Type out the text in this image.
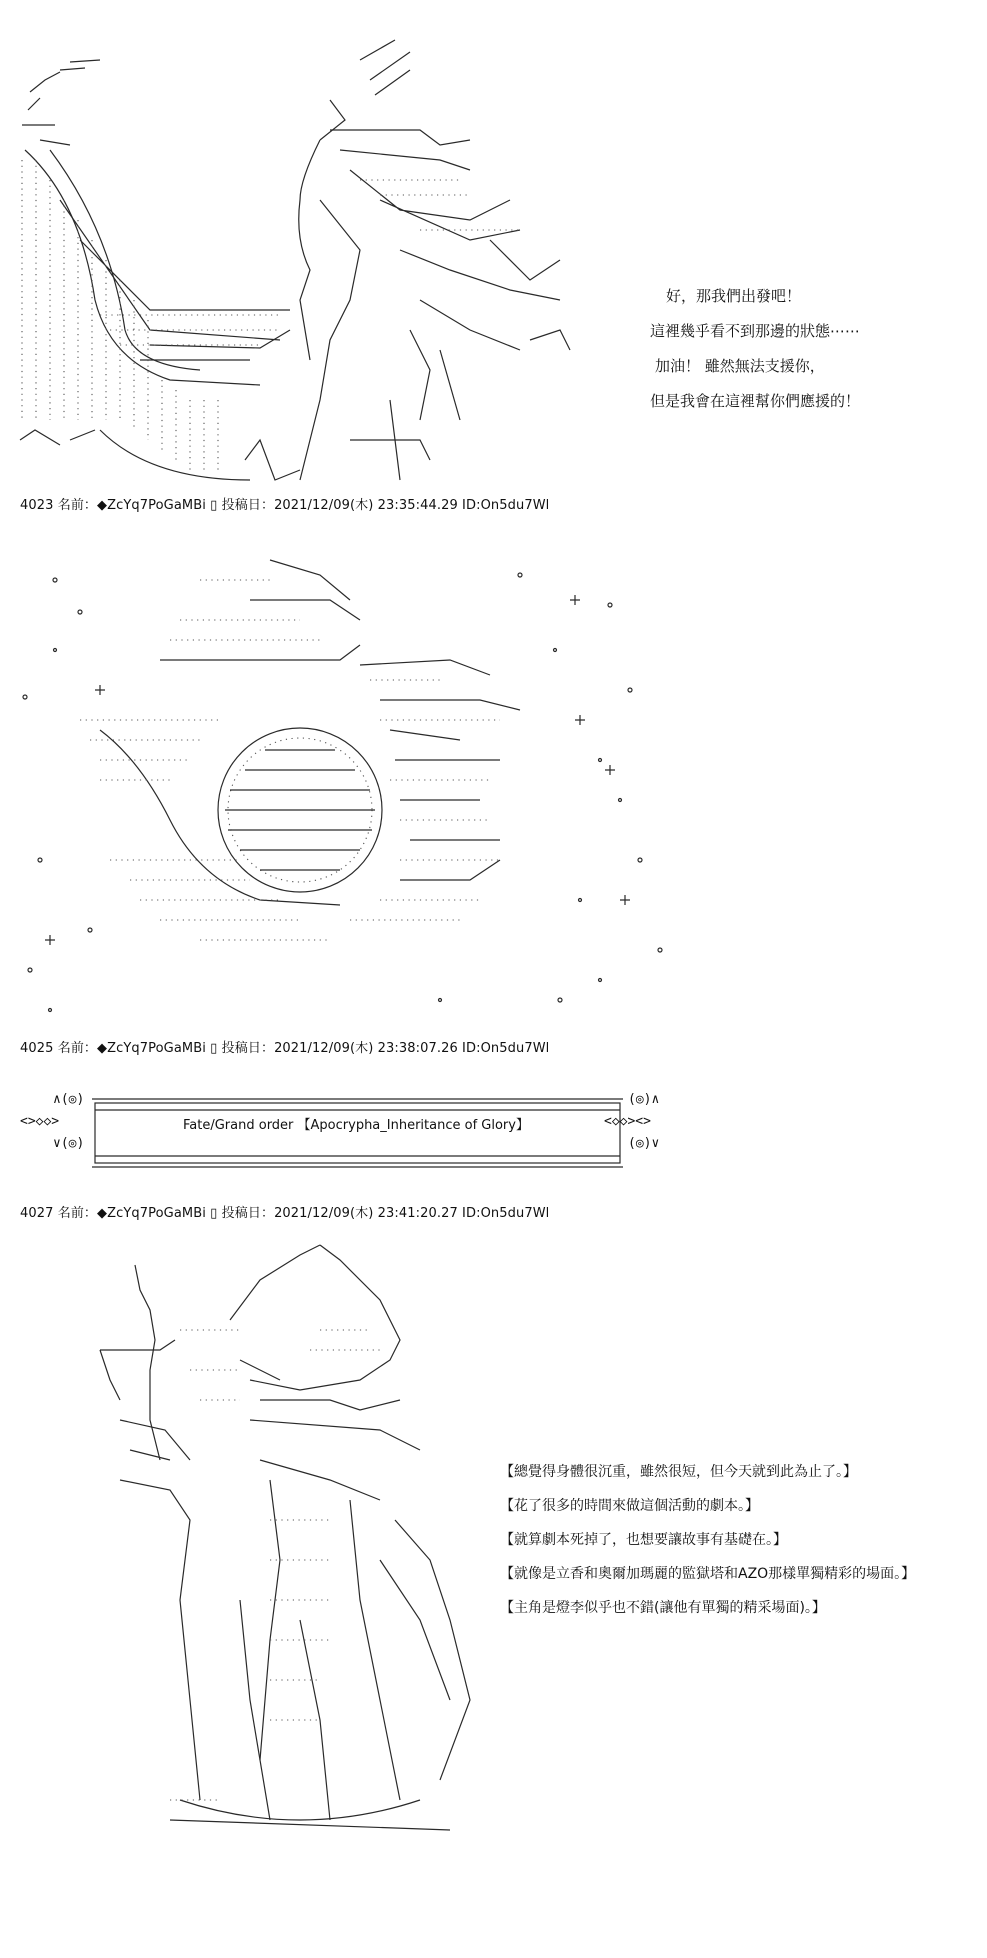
4023 名前：◆ZcYq7PoGaMBi ▯ 投稿日：2021/12/09(木) 23:35:44.29 ID:On5du7Wl
4025 名前：◆ZcYq7PoGaMBi ▯ 投稿日：2021/12/09(木) 23:38:07.26 ID:On5du7Wl
4027 名前：◆ZcYq7PoGaMBi ▯ 投稿日：2021/12/09(木) 23:41:20.27 ID:On5du7Wl
好，那我們出發吧！
這裡幾乎看不到那邊的狀態⋯⋯
加油！ 雖然無法支援你，
但是我會在這裡幫你們應援的！
∧(◎)
<>◇◇>
∨(◎)
Fate/Grand order 【Apocrypha_Inheritance of Glory】
(◎)∧
<◇◇><>
(◎)∨
【總覺得身體很沉重，雖然很短，但今天就到此為止了。】
【花了很多的時間來做這個活動的劇本。】
【就算劇本死掉了，也想要讓故事有基礎在。】
【就像是立香和奧爾加瑪麗的監獄塔和AZO那樣單獨精彩的場面。】
【主角是燈李似乎也不錯(讓他有單獨的精采場面)。】
